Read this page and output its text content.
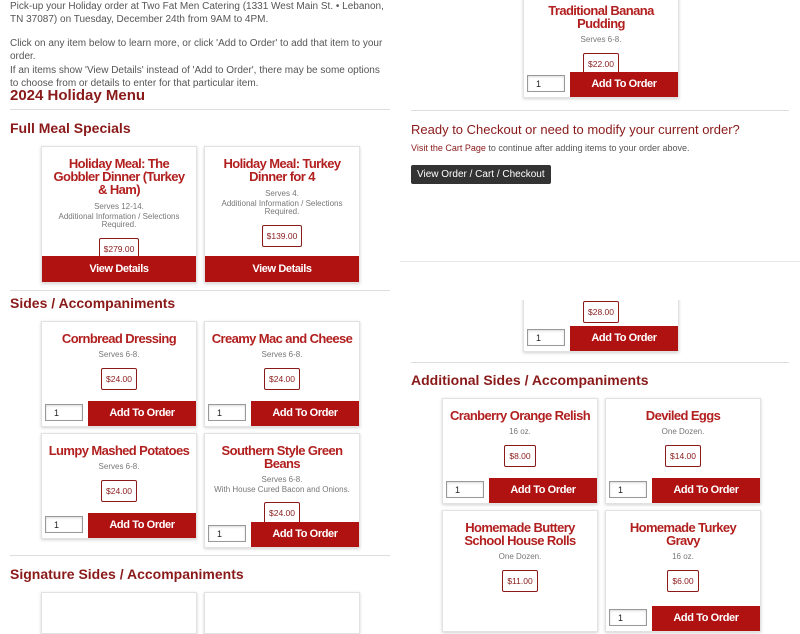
Pick-up your Holiday order at Two Fat Men Catering (1331 West Main St. • Lebanon, TN 37087) on Tuesday, December 24th from 9AM to 4PM.

Click on any item below to learn more, or click 'Add to Order' to add that item to your order.

If an items show 'View Details' instead of 'Add to Order', there may be some options to choose from or details to enter for that particular item.

2024 Holiday Menu
Full Meal Specials
Holiday Meal: The Gobbler Dinner (Turkey & Ham)
Serves 12-14.
Additional Information / Selections Required.
$279.00
View Details
Holiday Meal: Turkey Dinner for 4
Serves 4.
Additional Information / Selections Required.
$139.00
View Details
Sides / Accompaniments
Cornbread Dressing
Serves 6-8.
$24.00
1	Add To Order
Creamy Mac and Cheese
Serves 6-8.
$24.00
1	Add To Order
Lumpy Mashed Potatoes
Serves 6-8.
$24.00
1	Add To Order
Southern Style Green Beans
Serves 6-8.
With House Cured Bacon and Onions.
$24.00
1	Add To Order
Signature Sides / Accompaniments
Traditional Banana Pudding
Serves 6-8.
$22.00
1	Add To Order
Ready to Checkout or need to modify your current order?
Visit the Cart Page to continue after adding items to your order above.
View Order / Cart / Checkout
$28.00
1	Add To Order
Additional Sides / Accompaniments
Cranberry Orange Relish
16 oz.
$8.00
1	Add To Order
Deviled Eggs
One Dozen.
$14.00
1	Add To Order
Homemade Buttery School House Rolls
One Dozen.
$11.00
Homemade Turkey Gravy
16 oz.
$6.00
1	Add To Order
